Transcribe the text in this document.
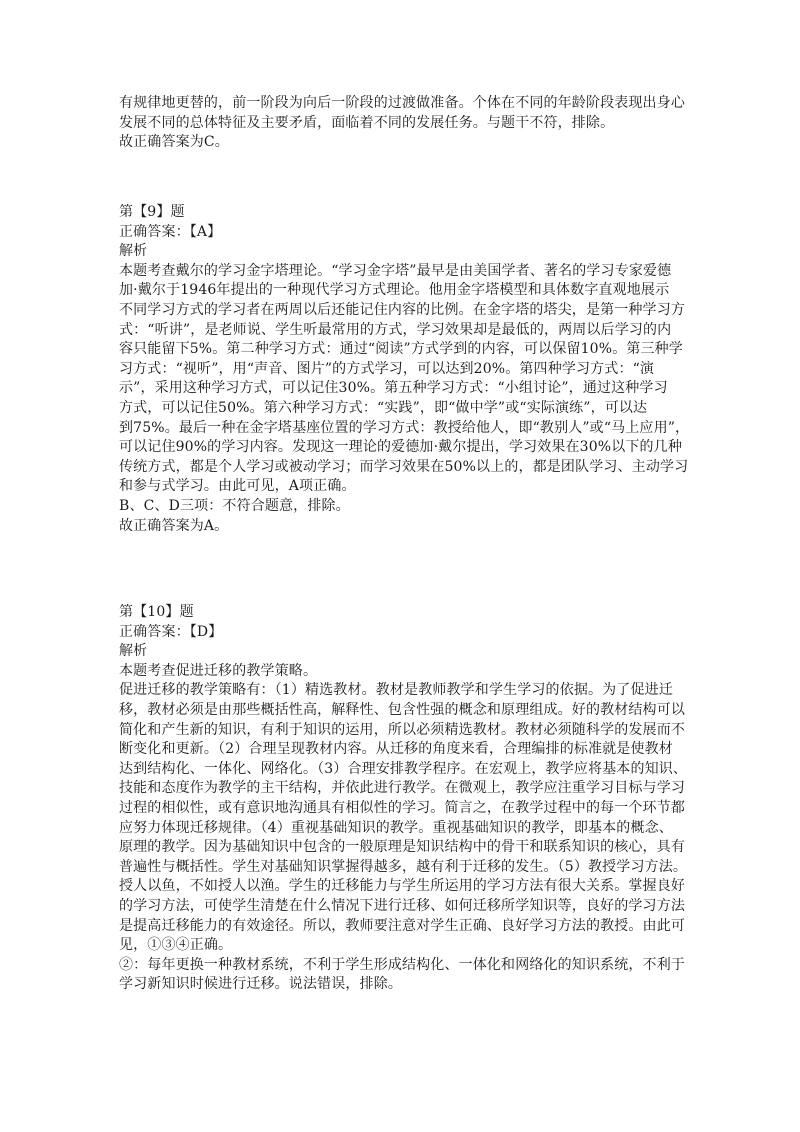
有规律地更替的，前一阶段为向后一阶段的过渡做准备。个体在不同的年龄阶段表现出身心
发展不同的总体特征及主要矛盾，面临着不同的发展任务。与题干不符，排除。
故正确答案为C。
第【9】题
正确答案：【A】
解析
本题考查戴尔的学习金字塔理论。“学习金字塔”最早是由美国学者、著名的学习专家爱德
加·戴尔于1946年提出的一种现代学习方式理论。他用金字塔模型和具体数字直观地展示
不同学习方式的学习者在两周以后还能记住内容的比例。在金字塔的塔尖，是第一种学习方
式：“听讲”，是老师说、学生听最常用的方式，学习效果却是最低的，两周以后学习的内
容只能留下5%。第二种学习方式：通过“阅读”方式学到的内容，可以保留10%。第三种学
习方式：“视听”，用“声音、图片”的方式学习，可以达到20%。第四种学习方式：“演
示”，采用这种学习方式，可以记住30%。第五种学习方式：“小组讨论”，通过这种学习
方式，可以记住50%。第六种学习方式：“实践”，即“做中学”或“实际演练”，可以达
到75%。最后一种在金字塔基座位置的学习方式：教授给他人，即“教别人”或“马上应用”，
可以记住90%的学习内容。发现这一理论的爱德加·戴尔提出，学习效果在30%以下的几种
传统方式，都是个人学习或被动学习；而学习效果在50%以上的，都是团队学习、主动学习
和参与式学习。由此可见，A项正确。
B、C、D三项：不符合题意，排除。
故正确答案为A。
第【10】题
正确答案：【D】
解析
本题考查促进迁移的教学策略。
促进迁移的教学策略有：（1）精选教材。教材是教师教学和学生学习的依据。为了促进迁
移，教材必须是由那些概括性高，解释性、包含性强的概念和原理组成。好的教材结构可以
简化和产生新的知识，有利于知识的运用，所以必须精选教材。教材必须随科学的发展而不
断变化和更新。（2）合理呈现教材内容。从迁移的角度来看，合理编排的标准就是使教材
达到结构化、一体化、网络化。（3）合理安排教学程序。在宏观上，教学应将基本的知识、
技能和态度作为教学的主干结构，并依此进行教学。在微观上，教学应注重学习目标与学习
过程的相似性，或有意识地沟通具有相似性的学习。简言之，在教学过程中的每一个环节都
应努力体现迁移规律。（4）重视基础知识的教学。重视基础知识的教学，即基本的概念、
原理的教学。因为基础知识中包含的一般原理是知识结构中的骨干和联系知识的核心，具有
普遍性与概括性。学生对基础知识掌握得越多，越有利于迁移的发生。（5）教授学习方法。
授人以鱼，不如授人以渔。学生的迁移能力与学生所运用的学习方法有很大关系。掌握良好
的学习方法，可使学生清楚在什么情况下进行迁移、如何迁移所学知识等，良好的学习方法
是提高迁移能力的有效途径。所以，教师要注意对学生正确、良好学习方法的教授。由此可
见，①③④正确。
②：每年更换一种教材系统，不利于学生形成结构化、一体化和网络化的知识系统，不利于
学习新知识时候进行迁移。说法错误，排除。
